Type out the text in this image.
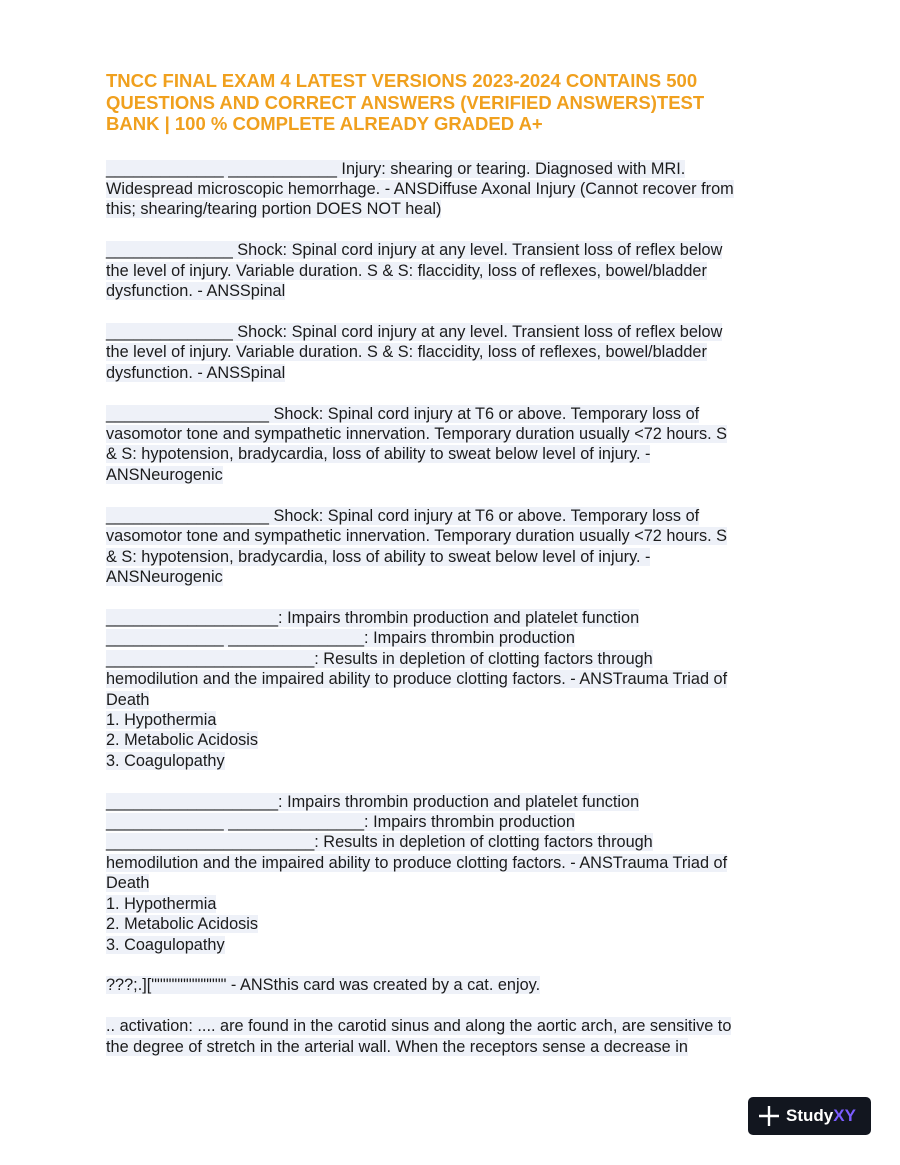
TNCC FINAL EXAM 4 LATEST VERSIONS 2023-2024 CONTAINS 500
QUESTIONS AND CORRECT ANSWERS (VERIFIED ANSWERS)TEST
BANK | 100 % COMPLETE ALREADY GRADED A+
_____________ ____________ Injury: shearing or tearing. Diagnosed with MRI.
Widespread microscopic hemorrhage. - ANSDiffuse Axonal Injury (Cannot recover from
this; shearing/tearing portion DOES NOT heal)
______________ Shock: Spinal cord injury at any level. Transient loss of reflex below
the level of injury. Variable duration. S & S: flaccidity, loss of reflexes, bowel/bladder
dysfunction. - ANSSpinal
______________ Shock: Spinal cord injury at any level. Transient loss of reflex below
the level of injury. Variable duration. S & S: flaccidity, loss of reflexes, bowel/bladder
dysfunction. - ANSSpinal
__________________ Shock: Spinal cord injury at T6 or above. Temporary loss of
vasomotor tone and sympathetic innervation. Temporary duration usually <72 hours. S
& S: hypotension, bradycardia, loss of ability to sweat below level of injury. -
ANSNeurogenic
__________________ Shock: Spinal cord injury at T6 or above. Temporary loss of
vasomotor tone and sympathetic innervation. Temporary duration usually <72 hours. S
& S: hypotension, bradycardia, loss of ability to sweat below level of injury. -
ANSNeurogenic
___________________: Impairs thrombin production and platelet function
_____________ _______________: Impairs thrombin production
_______________________: Results in depletion of clotting factors through
hemodilution and the impaired ability to produce clotting factors. - ANSTrauma Triad of
Death
1. Hypothermia
2. Metabolic Acidosis
3. Coagulopathy
___________________: Impairs thrombin production and platelet function
_____________ _______________: Impairs thrombin production
_______________________: Results in depletion of clotting factors through
hemodilution and the impaired ability to produce clotting factors. - ANSTrauma Triad of
Death
1. Hypothermia
2. Metabolic Acidosis
3. Coagulopathy
???;.][""""""""""""" - ANSthis card was created by a cat. enjoy.
.. activation: .... are found in the carotid sinus and along the aortic arch, are sensitive to
the degree of stretch in the arterial wall. When the receptors sense a decrease in
Study XY
